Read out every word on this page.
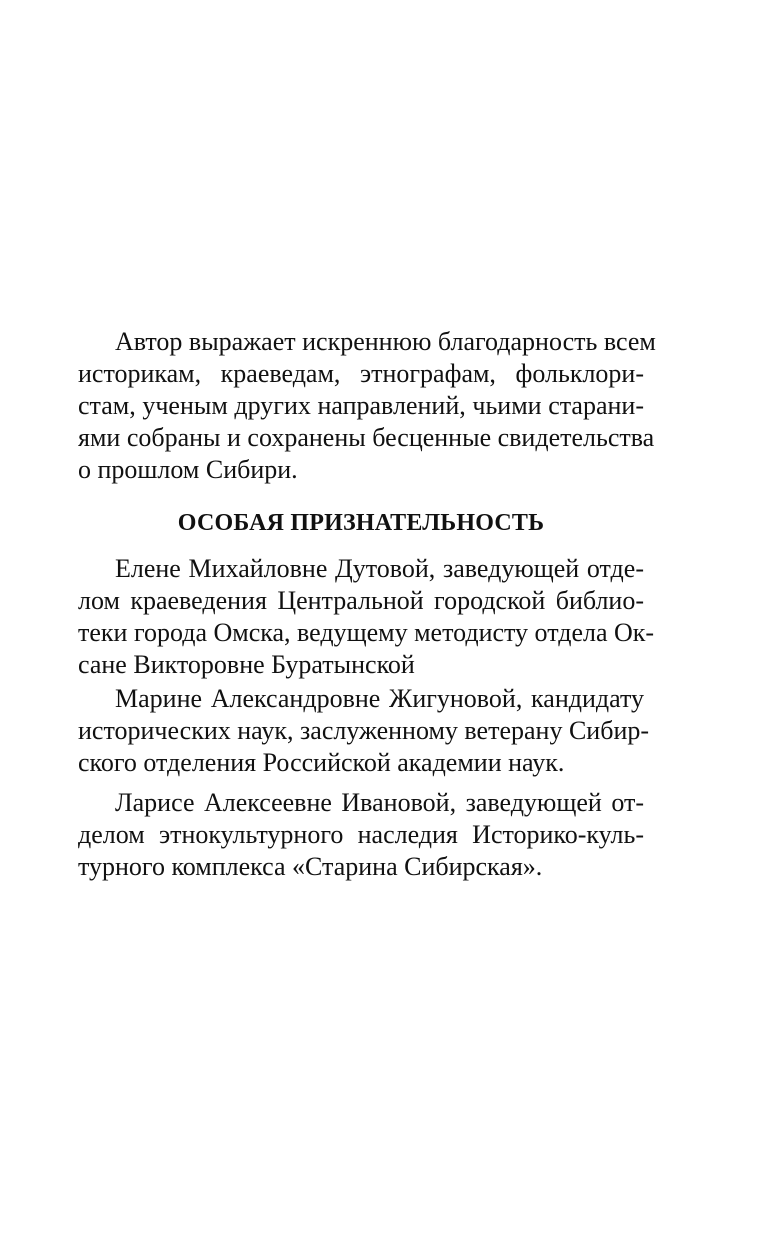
Автор выражает искреннюю благодарность всем
историкам, краеведам, этнографам, фольклори-
стам, ученым других направлений, чьими старани-
ями собраны и сохранены бесценные свидетельства
о прошлом Сибири.
ОСОБАЯ ПРИЗНАТЕЛЬНОСТЬ
Елене Михайловне Дутовой, заведующей отде-
лом краеведения Центральной городской библио-
теки города Омска, ведущему методисту отдела Ок-
сане Викторовне Буратынской
Марине Александровне Жигуновой, кандидату
исторических наук, заслуженному ветерану Сибир-
ского отделения Российской академии наук.
Ларисе Алексеевне Ивановой, заведующей от-
делом этнокультурного наследия Историко-куль-
турного комплекса «Старина Сибирская».
